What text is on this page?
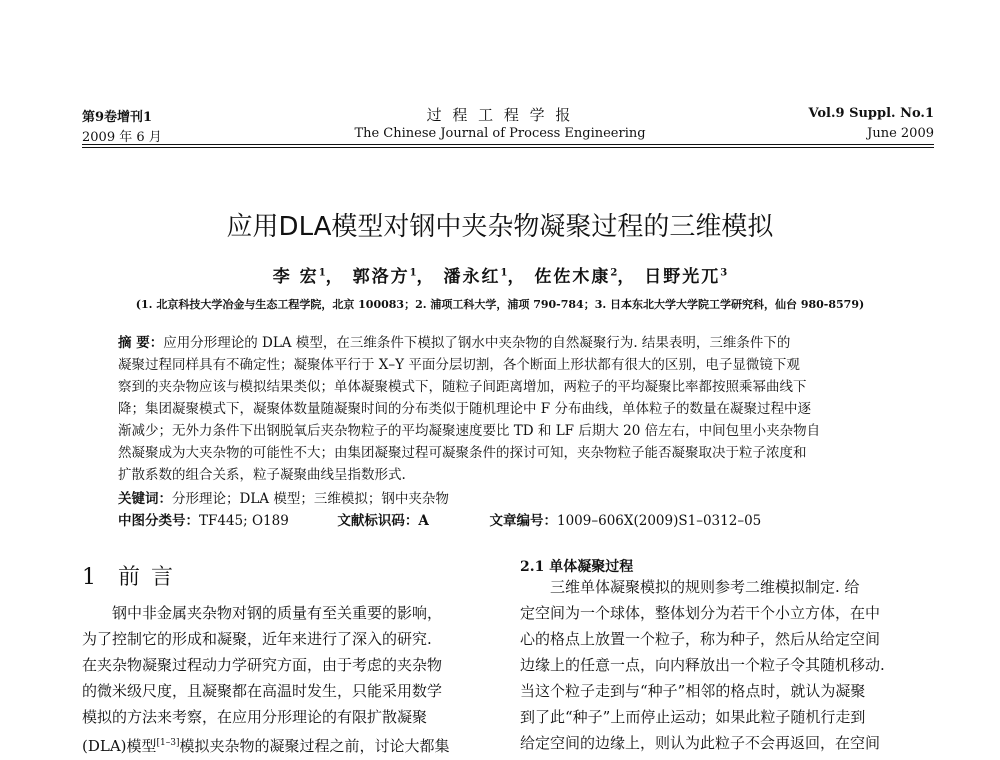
第9卷增刊1
2009 年 6 月
过 程 工 程 学 报
The Chinese Journal of Process Engineering
Vol.9 Suppl. No.1
June 2009
应用DLA模型对钢中夹杂物凝聚过程的三维模拟
李 宏$^1$， 郭洛方$^1$， 潘永红$^1$， 佐佐木康$^2$， 日野光兀$^3$
(1. 北京科技大学冶金与生态工程学院，北京 100083；2. 浦项工科大学，浦项 790-784；3. 日本东北大学大学院工学研究科，仙台 980-8579)
摘 要：应用分形理论的 DLA 模型，在三维条件下模拟了钢水中夹杂物的自然凝聚行为. 结果表明，三维条件下的
凝聚过程同样具有不确定性；凝聚体平行于 X–Y 平面分层切割，各个断面上形状都有很大的区别，电子显微镜下观
察到的夹杂物应该与模拟结果类似；单体凝聚模式下，随粒子间距离增加，两粒子的平均凝聚比率都按照乘幂曲线下
降；集团凝聚模式下，凝聚体数量随凝聚时间的分布类似于随机理论中 F 分布曲线，单体粒子的数量在凝聚过程中逐
渐减少；无外力条件下出钢脱氧后夹杂物粒子的平均凝聚速度要比 TD 和 LF 后期大 20 倍左右，中间包里小夹杂物自
然凝聚成为大夹杂物的可能性不大；由集团凝聚过程可凝聚条件的探讨可知，夹杂物粒子能否凝聚取决于粒子浓度和
扩散系数的组合关系，粒子凝聚曲线呈指数形式.
关键词：分形理论；DLA 模型；三维模拟；钢中夹杂物
中图分类号：TF445; O189	文献标识码：A	文章编号：1009–606X(2009)S1–0312–05
1 前 言
钢中非金属夹杂物对钢的质量有至关重要的影响，
为了控制它的形成和凝聚，近年来进行了深入的研究.
在夹杂物凝聚过程动力学研究方面，由于考虑的夹杂物
的微米级尺度，且凝聚都在高温时发生，只能采用数学
模拟的方法来考察，在应用分形理论的有限扩散凝聚
(DLA)模型[1–3]模拟夹杂物的凝聚过程之前，讨论大都集
2.1 单体凝聚过程
三维单体凝聚模拟的规则参考二维模拟制定. 给
定空间为一个球体，整体划分为若干个小立方体，在中
心的格点上放置一个粒子，称为种子，然后从给定空间
边缘上的任意一点，向内释放出一个粒子令其随机移动.
当这个粒子走到与“种子”相邻的格点时，就认为凝聚
到了此“种子”上而停止运动；如果此粒子随机行走到
给定空间的边缘上，则认为此粒子不会再返回，在空间
